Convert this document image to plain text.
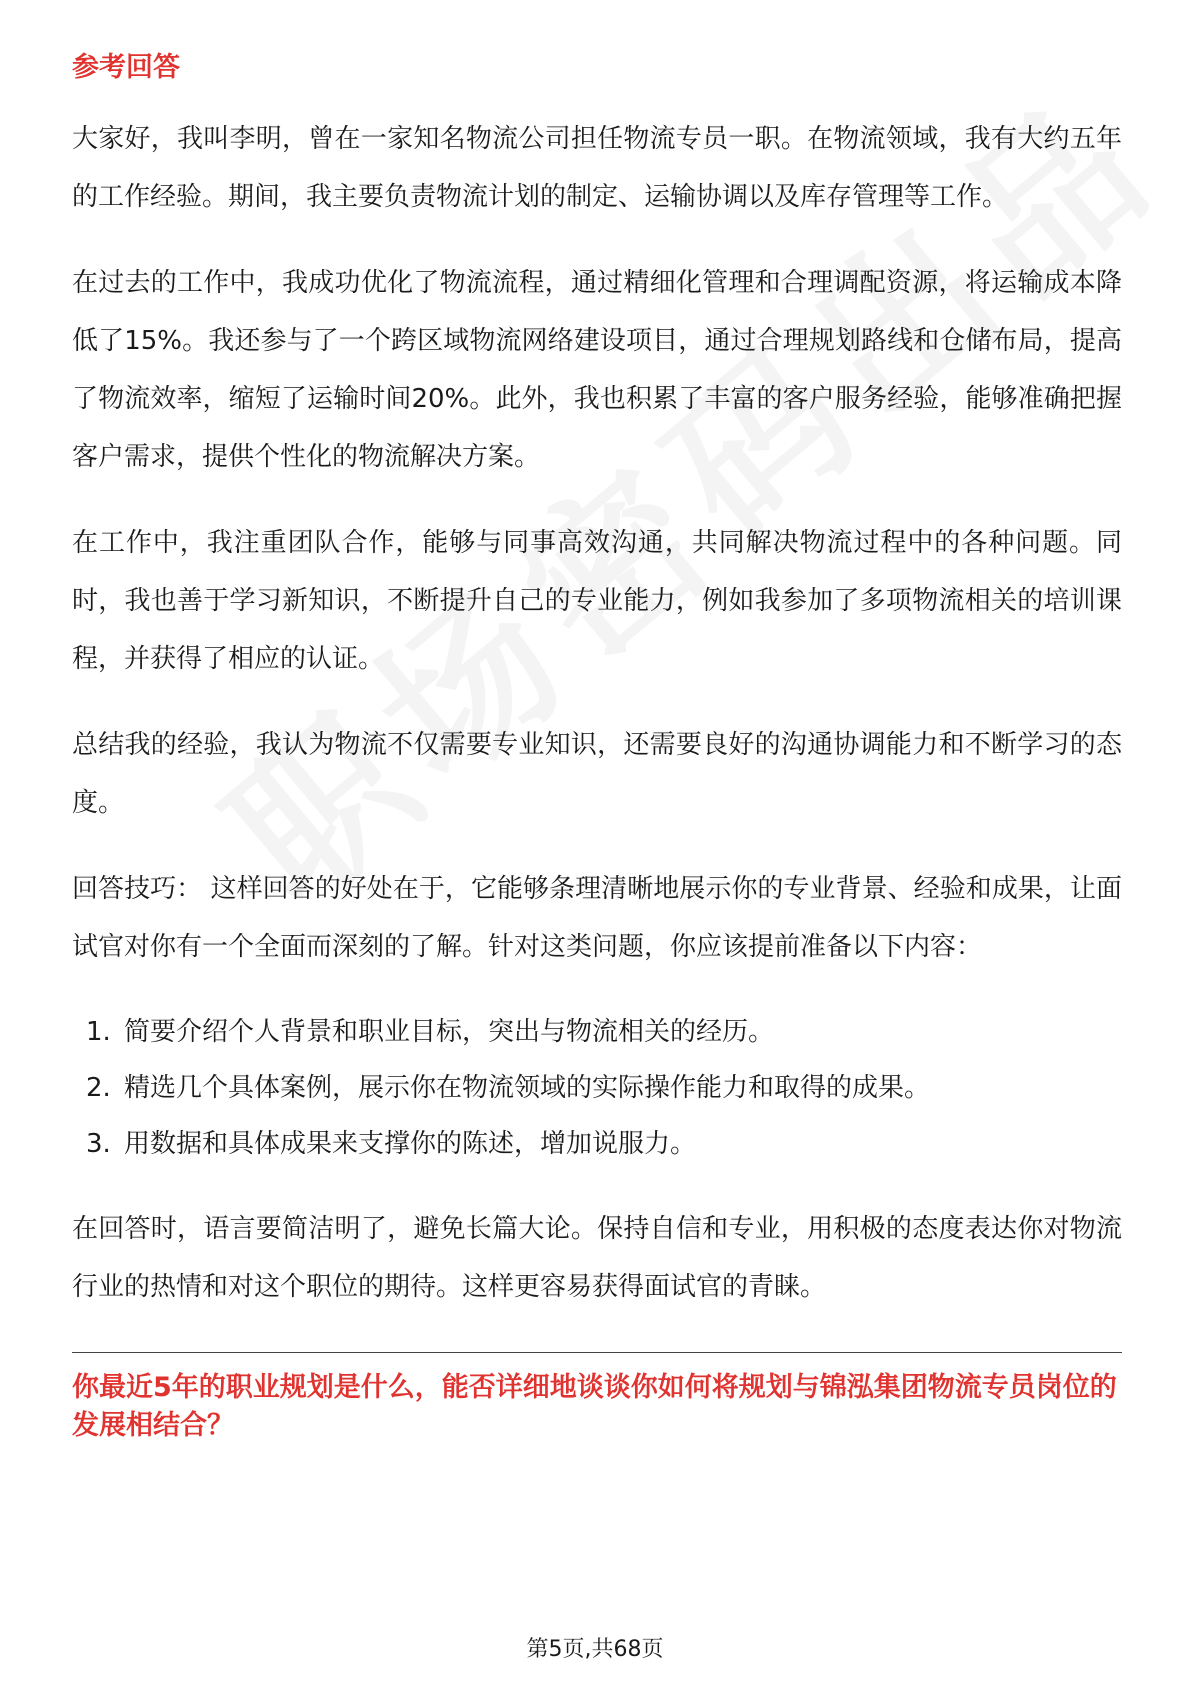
参考回答

大家好，我叫李明，曾在一家知名物流公司担任物流专员一职。在物流领域，我有大约五年的工作经验。期间，我主要负责物流计划的制定、运输协调以及库存管理等工作。

在过去的工作中，我成功优化了物流流程，通过精细化管理和合理调配资源，将运输成本降低了15%。我还参与了一个跨区域物流网络建设项目，通过合理规划路线和仓储布局，提高了物流效率，缩短了运输时间20%。此外，我也积累了丰富的客户服务经验，能够准确把握客户需求，提供个性化的物流解决方案。

在工作中，我注重团队合作，能够与同事高效沟通，共同解决物流过程中的各种问题。同时，我也善于学习新知识，不断提升自己的专业能力，例如我参加了多项物流相关的培训课程，并获得了相应的认证。

总结我的经验，我认为物流不仅需要专业知识，还需要良好的沟通协调能力和不断学习的态度。

回答技巧： 这样回答的好处在于，它能够条理清晰地展示你的专业背景、经验和成果，让面试官对你有一个全面而深刻的了解。针对这类问题，你应该提前准备以下内容：

1. 简要介绍个人背景和职业目标，突出与物流相关的经历。
2. 精选几个具体案例，展示你在物流领域的实际操作能力和取得的成果。
3. 用数据和具体成果来支撑你的陈述，增加说服力。

在回答时，语言要简洁明了，避免长篇大论。保持自信和专业，用积极的态度表达你对物流行业的热情和对这个职位的期待。这样更容易获得面试官的青睐。

你最近5年的职业规划是什么，能否详细地谈谈你如何将规划与锦泓集团物流专员岗位的发展相结合？

第5页,共68页
